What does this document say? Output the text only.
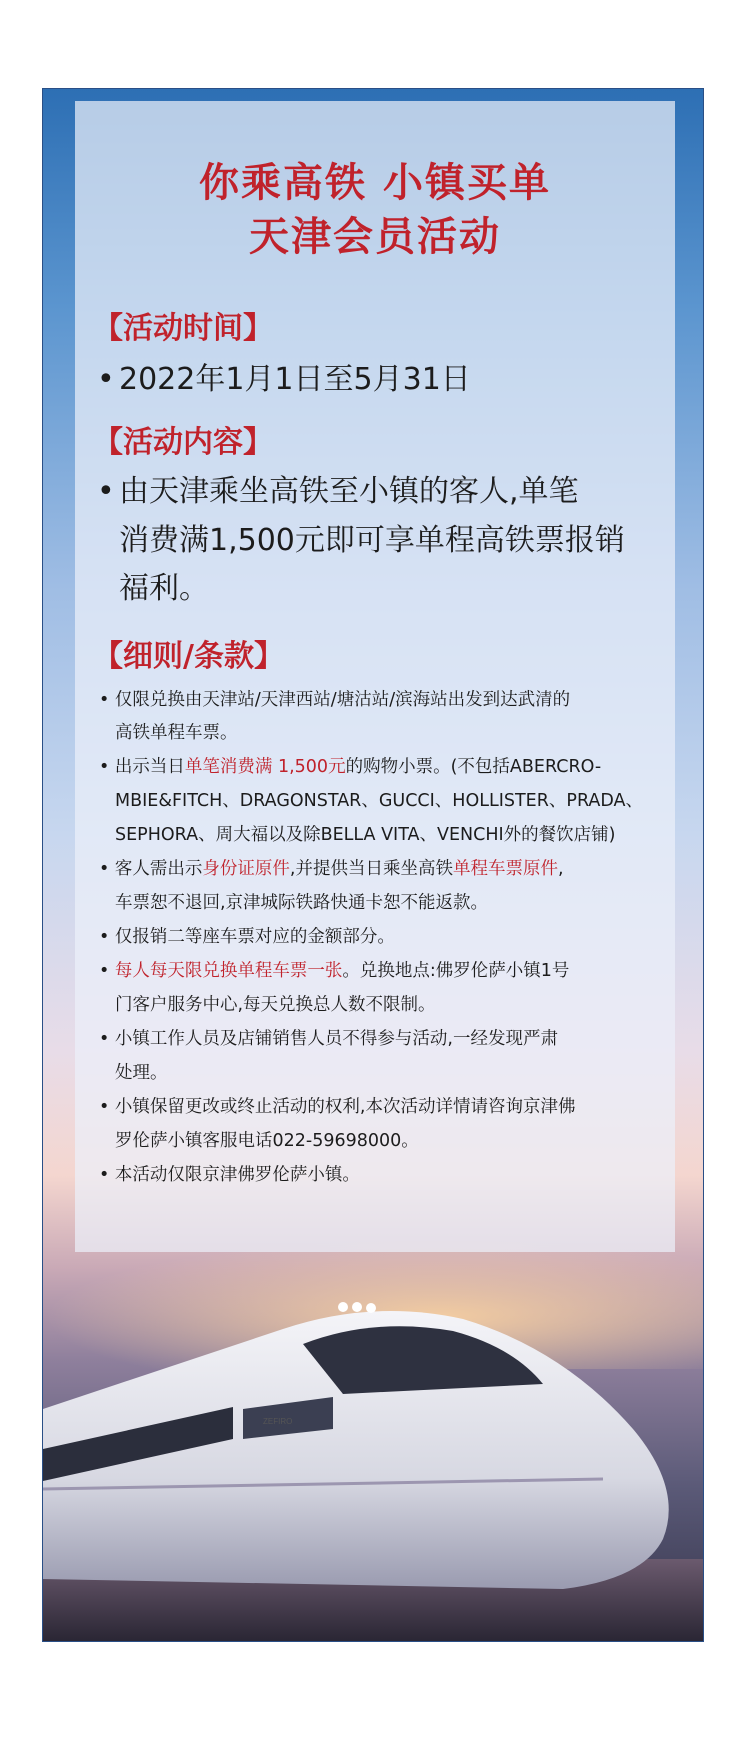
你乘高铁 小镇买单
天津会员活动
【活动时间】
• 2022年1月1日至5月31日
【活动内容】
• 由天津乘坐高铁至小镇的客人,单笔
消费满1,500元即可享单程高铁票报销
福利。
【细则/条款】
• 仅限兑换由天津站/天津西站/塘沽站/滨海站出发到达武清的
高铁单程车票。
• 出示当日单笔消费满 1,500元的购物小票。(不包括ABERCRO-
MBIE&FITCH、DRAGONSTAR、GUCCI、HOLLISTER、PRADA、
SEPHORA、周大福以及除BELLA VITA、VENCHI外的餐饮店铺)
• 客人需出示身份证原件,并提供当日乘坐高铁单程车票原件,
车票恕不退回,京津城际铁路快通卡恕不能返款。
• 仅报销二等座车票对应的金额部分。
• 每人每天限兑换单程车票一张。兑换地点:佛罗伦萨小镇1号
门客户服务中心,每天兑换总人数不限制。
• 小镇工作人员及店铺销售人员不得参与活动,一经发现严肃
处理。
• 小镇保留更改或终止活动的权利,本次活动详情请咨询京津佛
罗伦萨小镇客服电话022-59698000。
• 本活动仅限京津佛罗伦萨小镇。
ZEFIRO
